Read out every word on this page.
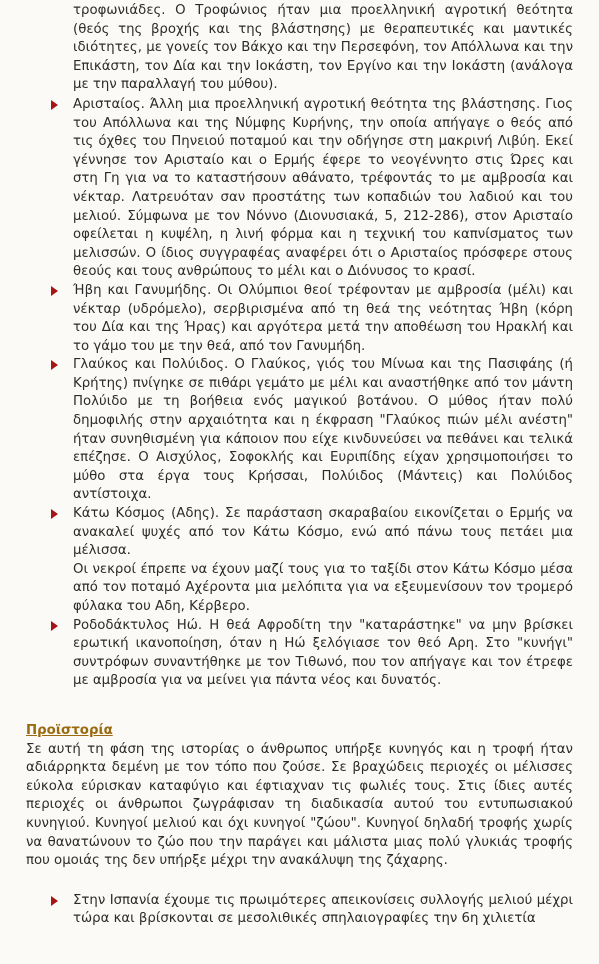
τροφωνιάδες. Ο Τροφώνιος ήταν μια προελληνική αγροτική θεότητα (θεός της βροχής και της βλάστησης) με θεραπευτικές και μαντικές ιδιότητες, με γονείς τον Βάκχο και την Περσεφόνη, τον Απόλλωνα και την Επικάστη, τον Δία και την Ιοκάστη, τον Εργίνο και την Ιοκάστη (ανάλογα με την παραλλαγή του μύθου).

Αρισταίος. Άλλη μια προελληνική αγροτική θεότητα της βλάστησης. Γιος του Απόλλωνα και της Νύμφης Κυρήνης, την οποία απήγαγε ο θεός από τις όχθες του Πηνειού ποταμού και την οδήγησε στη μακρινή Λιβύη. Εκεί γέννησε τον Αρισταίο και ο Ερμής έφερε το νεογέννητο στις Ώρες και στη Γη για να το καταστήσουν αθάνατο, τρέφοντάς το με αμβροσία και νέκταρ. Λατρευόταν σαν προστάτης των κοπαδιών του λαδιού και του μελιού. Σύμφωνα με τον Νόννο (Διονυσιακά, 5, 212-286), στον Αρισταίο οφείλεται η κυψέλη, η λινή φόρμα και η τεχνική του καπνίσματος των μελισσών. Ο ίδιος συγγραφέας αναφέρει ότι ο Αρισταίος πρόσφερε στους θεούς και τους ανθρώπους το μέλι και ο Διόνυσος το κρασί.

Ήβη και Γανυμήδης. Οι Ολύμπιοι θεοί τρέφονταν με αμβροσία (μέλι) και νέκταρ (υδρόμελο), σερβιρισμένα από τη θεά της νεότητας Ήβη (κόρη του Δία και της Ήρας) και αργότερα μετά την αποθέωση του Ηρακλή και το γάμο του με την θεά, από τον Γανυμήδη.

Γλαύκος και Πολύιδος. Ο Γλαύκος, γιός του Μίνωα και της Πασιφάης (ή Κρήτης) πνίγηκε σε πιθάρι γεμάτο με μέλι και αναστήθηκε από τον μάντη Πολύιδο με τη βοήθεια ενός μαγικού βοτάνου. Ο μύθος ήταν πολύ δημοφιλής στην αρχαιότητα και η έκφραση "Γλαύκος πιών μέλι ανέστη" ήταν συνηθισμένη για κάποιον που είχε κινδυνεύσει να πεθάνει και τελικά επέζησε. Ο Αισχύλος, Σοφοκλής και Ευριπίδης είχαν χρησιμοποιήσει το μύθο στα έργα τους Κρήσσαι, Πολύιδος (Μάντεις) και Πολύιδος αντίστοιχα.

Κάτω Κόσμος (Αδης). Σε παράσταση σκαραβαίου εικονίζεται ο Ερμής να ανακαλεί ψυχές από τον Κάτω Κόσμο, ενώ από πάνω τους πετάει μια μέλισσα.

Οι νεκροί έπρεπε να έχουν μαζί τους για το ταξίδι στον Κάτω Κόσμο μέσα από τον ποταμό Αχέροντα μια μελόπιτα για να εξευμενίσουν τον τρομερό φύλακα του Αδη, Κέρβερο.

Ροδοδάκτυλος Ηώ. Η θεά Αφροδίτη την "καταράστηκε" να μην βρίσκει ερωτική ικανοποίηση, όταν η Ηώ ξελόγιασε τον θεό Αρη. Στο "κυνήγι" συντρόφων συναντήθηκε με τον Τιθωνό, που τον απήγαγε και τον έτρεφε με αμβροσία για να μείνει για πάντα νέος και δυνατός.

Προϊστορία

Σε αυτή τη φάση της ιστορίας ο άνθρωπος υπήρξε κυνηγός και η τροφή ήταν αδιάρρηκτα δεμένη με τον τόπο που ζούσε. Σε βραχώδεις περιοχές οι μέλισσες εύκολα εύρισκαν καταφύγιο και έφτιαχναν τις φωλιές τους. Στις ίδιες αυτές περιοχές οι άνθρωποι ζωγράφισαν τη διαδικασία αυτού του εντυπωσιακού κυνηγιού. Κυνηγοί μελιού και όχι κυνηγοί "ζώου". Κυνηγοί δηλαδή τροφής χωρίς να θανατώνουν το ζώο που την παράγει και μάλιστα μιας πολύ γλυκιάς τροφής που ομοιάς της δεν υπήρξε μέχρι την ανακάλυψη της ζάχαρης.

Στην Ισπανία έχουμε τις πρωιμότερες απεικονίσεις συλλογής μελιού μέχρι τώρα και βρίσκονται σε μεσολιθικές σπηλαιογραφίες την 6η χιλιετία
